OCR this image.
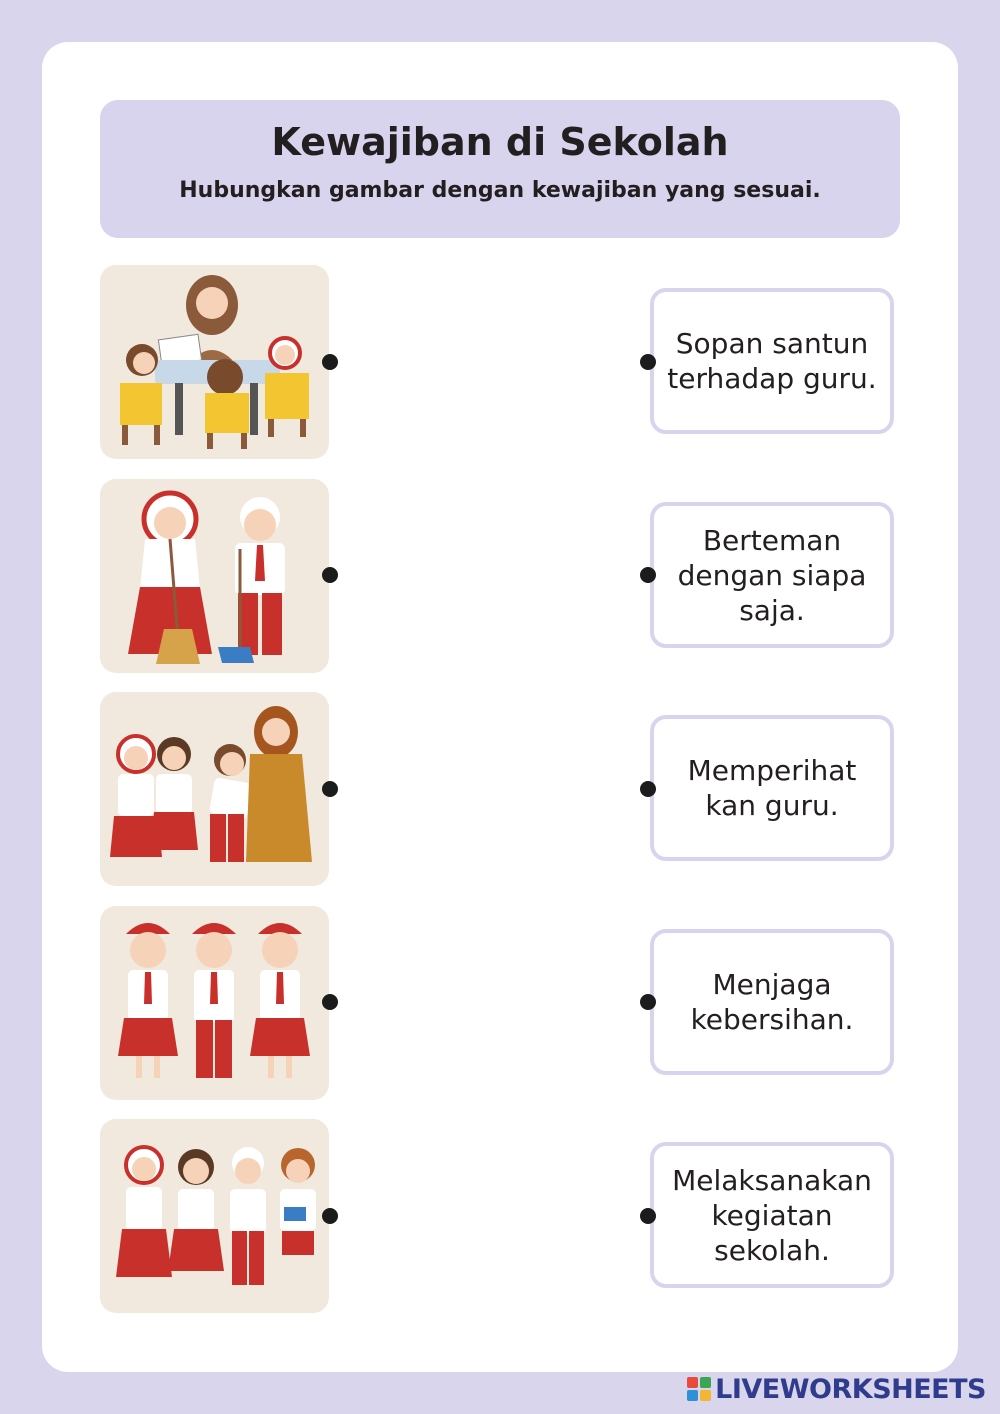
Kewajiban di Sekolah
Hubungkan gambar dengan kewajiban yang sesuai.
Sopan santun terhadap guru.
Berteman dengan siapa saja.
Memperihat kan guru.
Menjaga kebersihan.
Melaksanakan kegiatan sekolah.
LIVEWORKSHEETS
